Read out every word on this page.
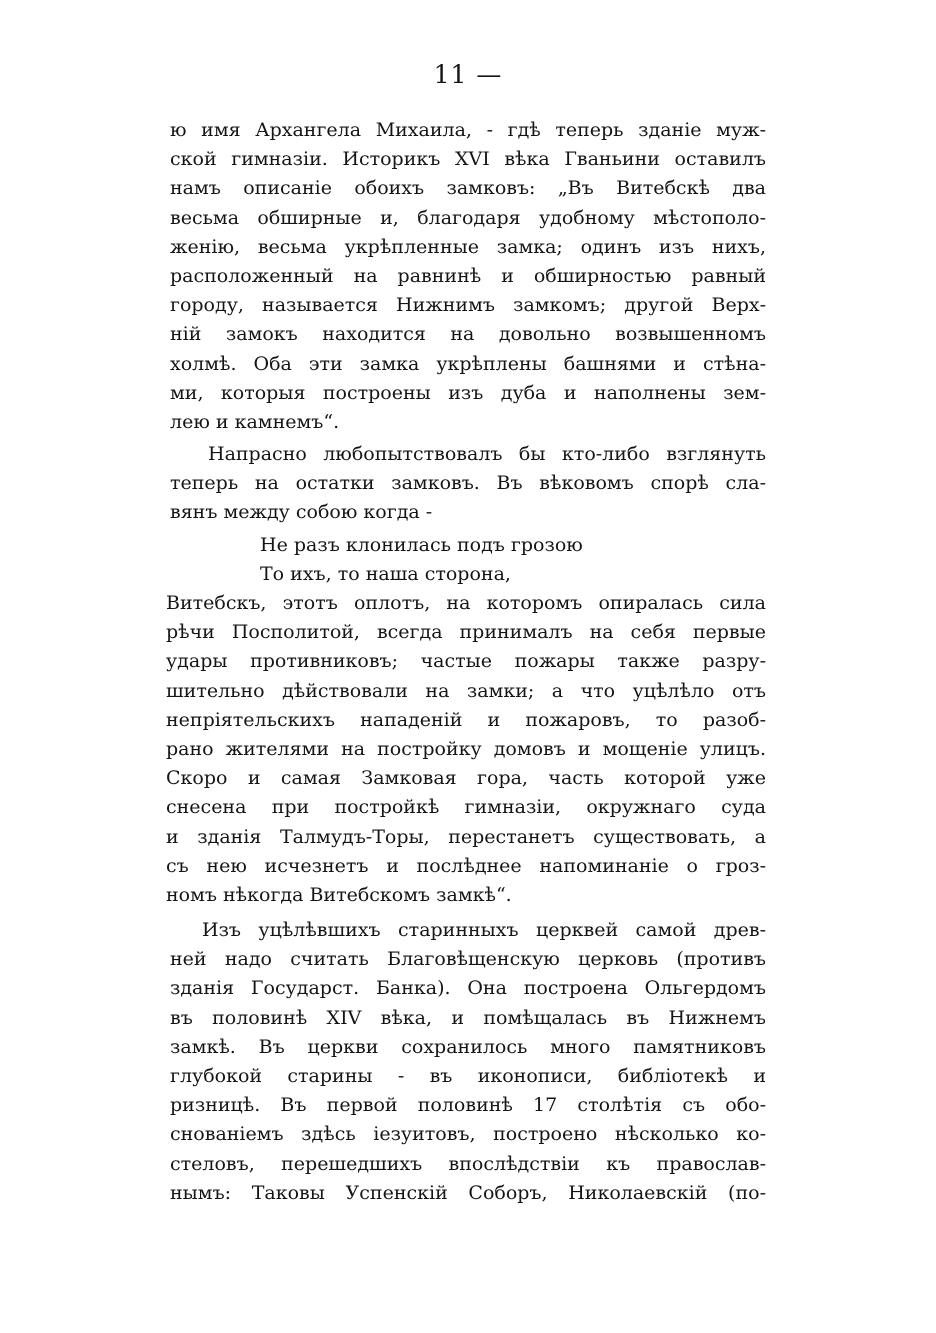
11 —
ю имя Архангела Михаила, - гдѣ теперь зданіе муж-
ской гимназіи. Историкъ XVI вѣка Гваньини оставилъ
намъ описаніе обоихъ замковъ: „Въ Витебскѣ два
весьма обширные и, благодаря удобному мѣстополо-
женію, весьма укрѣпленные замка; одинъ изъ нихъ,
расположенный на равнинѣ и обширностью равный
городу, называется Нижнимъ замкомъ; другой Верх-
ній замокъ находится на довольно возвышенномъ
холмѣ. Оба эти замка укрѣплены башнями и стѣна-
ми, которыя построены изъ дуба и наполнены зем-
лею и камнемъ“.
Напрасно любопытствовалъ бы кто-либо взглянуть
теперь на остатки замковъ. Въ вѣковомъ спорѣ сла-
вянъ между собою когда -
Не разъ клонилась подъ грозою
То ихъ, то наша сторона,
Витебскъ, этотъ оплотъ, на которомъ опиралась сила
рѣчи Посполитой, всегда принималъ на себя первые
удары противниковъ; частые пожары также разру-
шительно дѣйствовали на замки; а что уцѣлѣло отъ
непріятельскихъ нападеній и пожаровъ, то разоб-
рано жителями на постройку домовъ и мощеніе улицъ.
Скоро и самая Замковая гора, часть которой уже
снесена при постройкѣ гимназіи, окружнаго суда
и зданія Талмудъ-Торы, перестанетъ существовать, а
съ нею исчезнетъ и послѣднее напоминаніе о гроз-
номъ нѣкогда Витебскомъ замкѣ“.
Изъ уцѣлѣвшихъ старинныхъ церквей самой древ-
ней надо считать Благовѣщенскую церковь (противъ
зданія Государст. Банка). Она построена Ольгердомъ
въ половинѣ XIV вѣка, и помѣщалась въ Нижнемъ
замкѣ. Въ церкви сохранилось много памятниковъ
глубокой старины - въ иконописи, библіотекѣ и
ризницѣ. Въ первой половинѣ 17 столѣтія съ обо-
снованіемъ здѣсь іезуитовъ, построено нѣсколько ко-
стеловъ, перешедшихъ впослѣдствіи къ православ-
нымъ: Таковы Успенскій Соборъ, Николаевскій (по-
